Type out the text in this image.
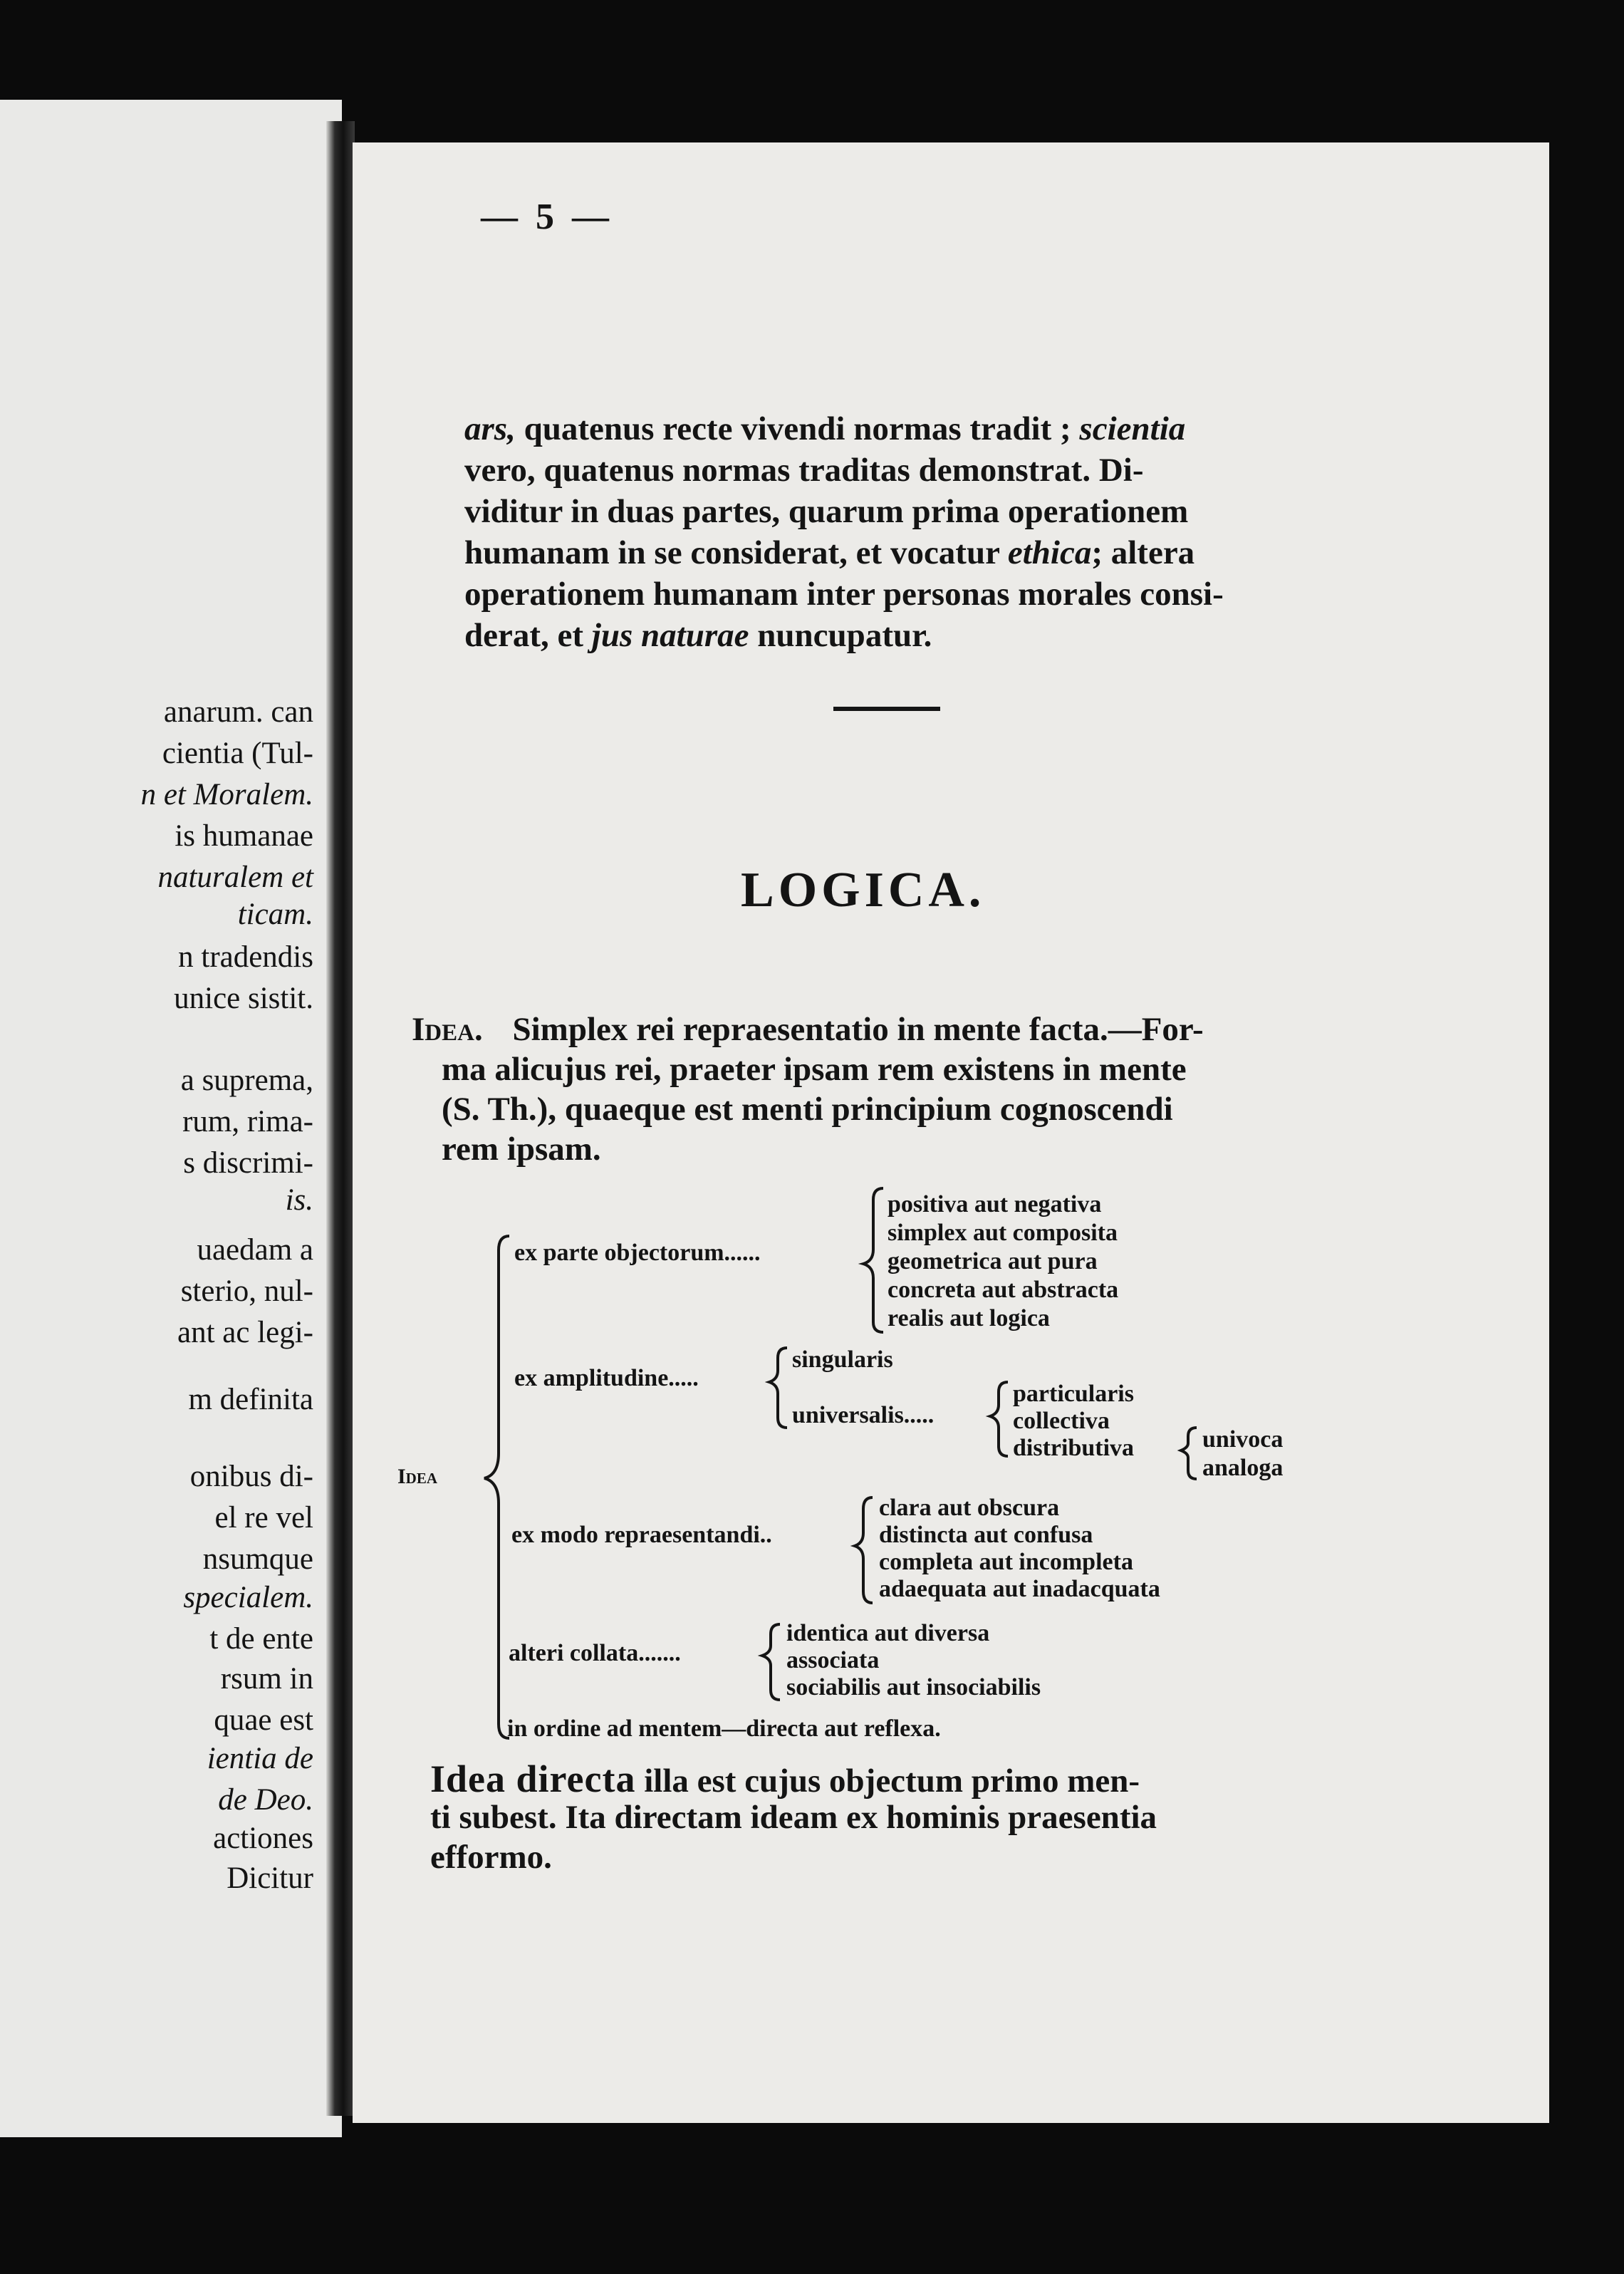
anarum. can
cientia (Tul-
n et Moralem.
is humanae
naturalem et
ticam.
n tradendis
unice sistit.
a suprema,
rum, rima-
s discrimi-
is.
uaedam a
sterio, nul-
ant ac legi-
m definita
onibus di-
el re vel
nsumque
specialem.
t de ente
rsum in
quae est
ientia de
de Deo.
actiones
Dicitur
— 5 —
ars, quatenus recte vivendi normas tradit ; scientia
vero, quatenus normas traditas demonstrat. Di-
viditur in duas partes, quarum prima operationem
humanam in se considerat, et vocatur ethica; altera
operationem humanam inter personas morales consi-
derat, et jus naturae nuncupatur.
LOGICA.
Idea. Simplex rei repraesentatio in mente facta.—For-
ma alicujus rei, praeter ipsam rem existens in mente
(S. Th.), quaeque est menti principium cognoscendi
rem ipsam.
Idea
ex parte objectorum......
positiva aut negativa
simplex aut composita
geometrica aut pura
concreta aut abstracta
realis aut logica
ex amplitudine.....
singularis
universalis.....
particularis
collectiva
distributiva	univoca
analoga
ex modo repraesentandi..
clara aut obscura
distincta aut confusa
completa aut incompleta
adaequata aut inadacquata
alteri collata.......
identica aut diversa
associata
sociabilis aut insociabilis
in ordine ad mentem—directa aut reflexa.
Idea directa illa est cujus objectum primo men-
ti subest. Ita directam ideam ex hominis praesentia
efformo.
